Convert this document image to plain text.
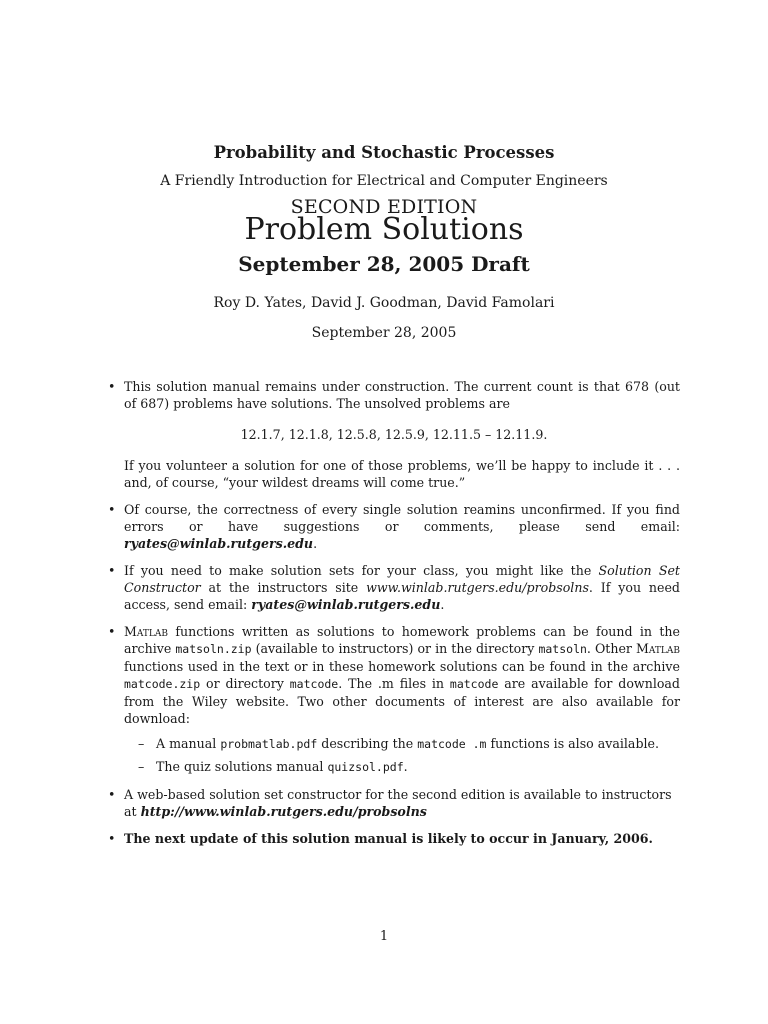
Probability and Stochastic Processes
A Friendly Introduction for Electrical and Computer Engineers
SECOND EDITION
Problem Solutions
September 28, 2005 Draft
Roy D. Yates, David J. Goodman, David Famolari
September 28, 2005
• This solution manual remains under construction. The current count is that 678 (out of 687) problems have solutions. The unsolved problems are
12.1.7, 12.1.8, 12.5.8, 12.5.9, 12.11.5 – 12.11.9.
If you volunteer a solution for one of those problems, we’ll be happy to include it . . . and, of course, “your wildest dreams will come true.”
• Of course, the correctness of every single solution reamins unconfirmed. If you find errors or have suggestions or comments, please send email: ryates@winlab.rutgers.edu.
• If you need to make solution sets for your class, you might like the Solution Set Constructor at the instructors site www.winlab.rutgers.edu/probsolns. If you need access, send email: ryates@winlab.rutgers.edu.
• Matlab functions written as solutions to homework problems can be found in the archive matsoln.zip (available to instructors) or in the directory matsoln. Other Matlab functions used in the text or in these homework solutions can be found in the archive matcode.zip or directory matcode. The .m files in matcode are available for download from the Wiley website. Two other documents of interest are also available for download:
– A manual probmatlab.pdf describing the matcode .m functions is also available.
– The quiz solutions manual quizsol.pdf.
• A web-based solution set constructor for the second edition is available to instructors at http://www.winlab.rutgers.edu/probsolns
• The next update of this solution manual is likely to occur in January, 2006.
1
